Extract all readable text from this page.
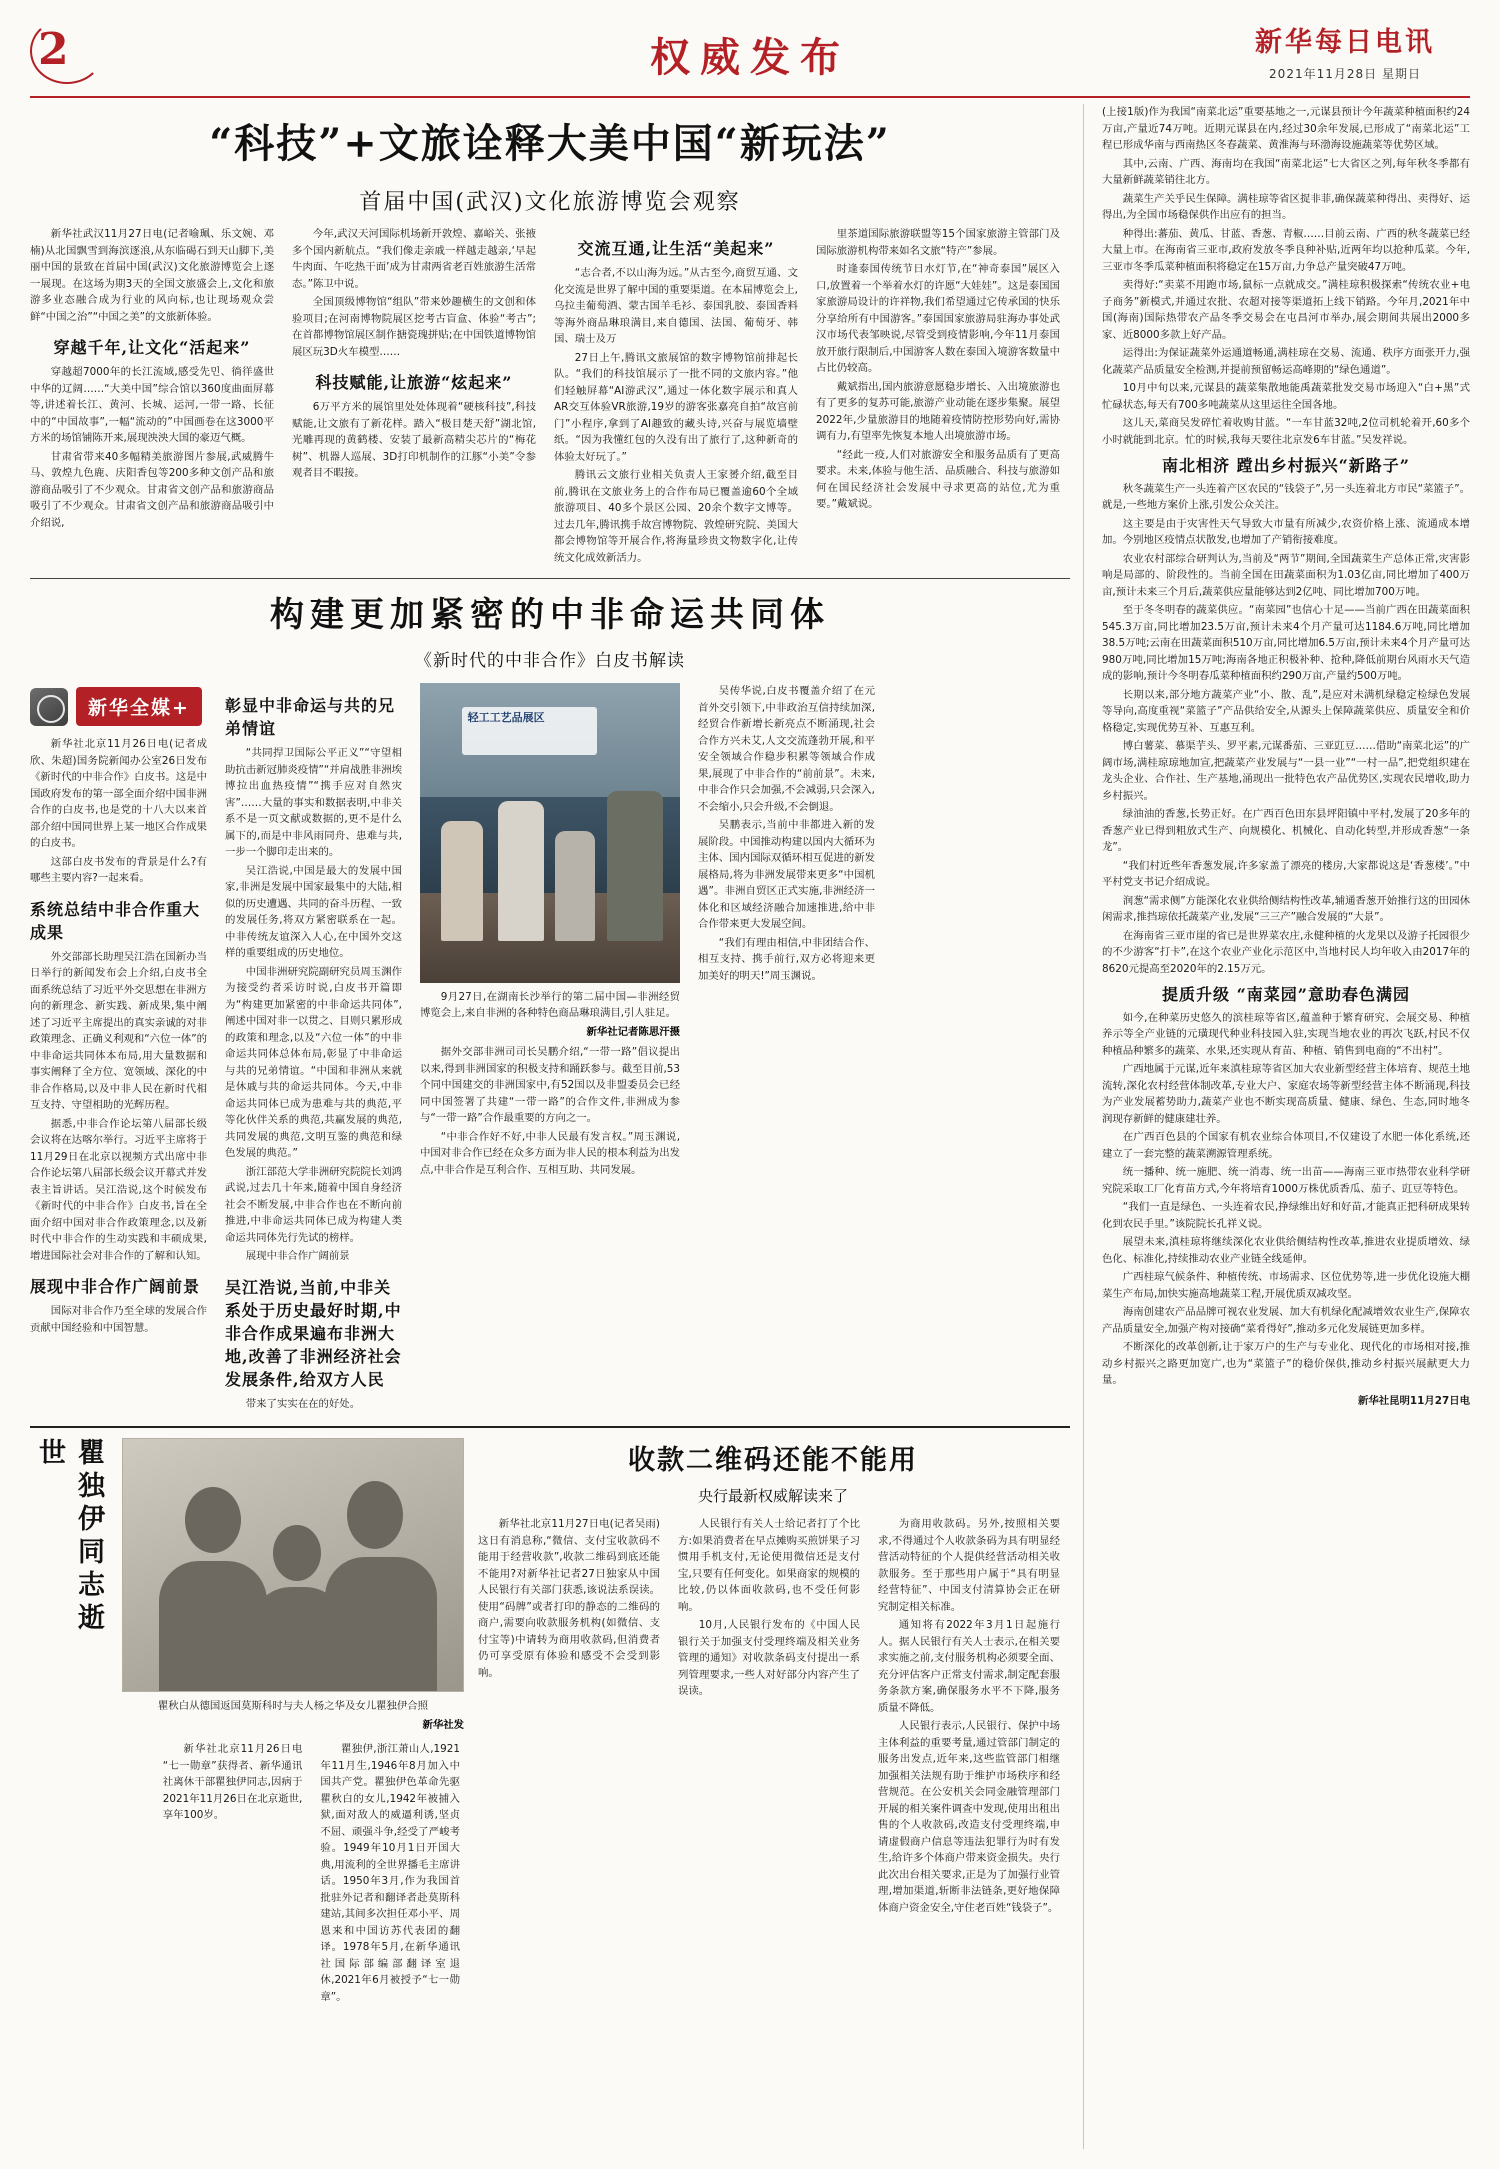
2	权威发布	新华每日电讯
2021年11月28日 星期日
“科技”+文旅诠释大美中国“新玩法”
首届中国(武汉)文化旅游博览会观察

新华社武汉11月27日电(记者喻珮、乐文婉、邓楠)从北国飘雪到海滨逐浪,从东临碣石到天山脚下,美丽中国的景致在首届中国(武汉)文化旅游博览会上逐一展现。在这场为期3天的全国文旅盛会上,文化和旅游多业态融合成为行业的风向标,也让现场观众尝鲜“中国之治”“中国之美”的文旅新体验。

穿越千年,让文化“活起来”

穿越超7000年的长江流域,感受先민、徜徉盛世中华的辽阔……“大美中国”综合馆以360度曲面屏幕等,讲述着长江、黄河、长城、运河,一带一路、长征中的“中国故事”,一幅“流动的”中国画卷在这3000平方米的场馆铺陈开来,展现泱泱大国的豪迈气概。

甘肃省带来40多幅精美旅游图片参展,武威腾牛马、敦煌九色鹿、庆阳香包等200多种文创产品和旅游商品吸引了不少观众。甘肃省文创产品和旅游商品吸引了不少观众。甘肃省文创产品和旅游商品吸引中介绍说,

今年,武汉天河国际机场新开敦煌、嘉峪关、张掖多个国内新航点。“我们像走亲戚一样越走越亲,‘早起牛肉面、午吃热干面’成为甘肃两省老百姓旅游生活常态。”陈卫中说。

全国顶级博物馆“组队”带来妙趣横生的文创和体验项目;在河南博物院展区挖考古盲盒、体验“考古”;在首都博物馆展区制作搪瓷瑰拼贴;在中国铁道博物馆展区玩3D火车模型……

科技赋能,让旅游“炫起来”

6万平方米的展馆里处处体现着“硬核科技”,科技赋能,让文旅有了新花样。踏入“极目楚天舒”湖北馆,光雕再现的黄鹤楼、安装了最新高精尖芯片的“梅花树”、机器人巡展、3D打印机制作的江豚“小美”令参观者目不暇接。

交流互通,让生活“美起来”

“志合者,不以山海为远。”从古至今,商贸互通、文化交流是世界了解中国的重要渠道。在本届博览会上,乌拉圭葡萄酒、蒙古国羊毛衫、泰国乳胶、泰国香料等海外商品琳琅满目,来自德国、法国、葡萄牙、韩国、瑞士及万

27日上午,腾讯文旅展馆的数字博物馆前排起长队。“我们的科技馆展示了一批不同的文旅内容。”他们轻触屏幕“AI游武汉”,通过一体化数字展示和真人AR交互体验VR旅游,19岁的游客张嘉亮自拍“故宫前门”小程序,拿到了AI趣致的藏头诗,兴奋与展览墙壁纸。“因为我懂红包的久没有出了旅行了,这种新奇的体验太好玩了。”

腾讯云文旅行业相关负责人王家赟介绍,截至目前,腾讯在文旅业务上的合作布局已覆盖逾60个全域旅游项目、40多个景区公园、20余个数字文博等。过去几年,腾讯携手故宫博物院、敦煌研究院、美国大都会博物馆等开展合作,将海量珍贵文物数字化,让传统文化成效新活力。

里茶道国际旅游联盟等15个国家旅游主管部门及国际旅游机构带来如名文旅“特产”参展。

时逢泰国传统节日水灯节,在“神奇泰国”展区入口,放置着一个举着水灯的许愿“大娃娃”。这是泰国国家旅游局设计的许祥物,我们希望通过它传承国的快乐分享给所有中国游客。”泰国国家旅游局驻海办事处武汉市场代表邹映说,尽管受到疫情影响,今年11月泰国放开旅行限制后,中国游客人数在泰国入境游客数量中占比仍较高。

戴斌指出,国内旅游意愿稳步增长、入出境旅游也有了更多的复苏可能,旅游产业动能在逐步集聚。展望2022年,少量旅游目的地随着疫情防控形势向好,需协调有力,有望率先恢复本地人出境旅游市场。

“经此一疫,人们对旅游安全和服务品质有了更高要求。未来,体验与他生活、品质融合、科技与旅游如何在国民经济社会发展中寻求更高的站位,尤为重要。”戴斌说。

构建更加紧密的中非命运共同体
《新时代的中非合作》白皮书解读
新华全媒+

新华社北京11月26日电(记者成欣、朱超)国务院新闻办公室26日发布《新时代的中非合作》白皮书。这是中国政府发布的第一部全面介绍中国非洲合作的白皮书,也是党的十八大以来首部介绍中国同世界上某一地区合作成果的白皮书。

这部白皮书发布的背景是什么?有哪些主要内容?一起来看。

系统总结中非合作重大成果

外交部部长助理吴江浩在国新办当日举行的新闻发布会上介绍,白皮书全面系统总结了习近平外交思想在非洲方向的新理念、新实践、新成果,集中阐述了习近平主席提出的真实亲诚的对非政策理念、正确义利观和“六位一体”的中非命运共同体本布局,用大量数据和事实阐释了全方位、宽领域、深化的中非合作格局,以及中非人民在新时代相互支持、守望相助的光辉历程。

据悉,中非合作论坛第八届部长级会议将在达喀尔举行。习近平主席将于11月29日在北京以视频方式出席中非合作论坛第八届部长级会议开幕式并发表主旨讲话。吴江浩说,这个时候发布《新时代的中非合作》白皮书,旨在全面介绍中国对非合作政策理念,以及新时代中非合作的生动实践和丰硕成果,增进国际社会对非合作的了解和认知。

展现中非合作广阔前景

国际对非合作乃至全球的发展合作贡献中国经验和中国智慧。

彰显中非命运与共的兄弟情谊

“共同捍卫国际公平正义”“守望相助抗击新冠肺炎疫情”“并肩战胜非洲埃博拉出血热疫情”“携手应对自然灾害”……大量的事实和数据表明,中非关系不是一页文献或数据的,更不是什么属下的,而是中非风雨同舟、患难与共,一步一个脚印走出来的。

吴江浩说,中国是最大的发展中国家,非洲是发展中国家最集中的大陆,相似的历史遭遇、共同的奋斗历程、一致的发展任务,将双方紧密联系在一起。中非传统友谊深入人心,在中国外交这样的重要组成的历史地位。

中国非洲研究院副研究员周玉渊作为接受约者采访时说,白皮书开篇即为“构建更加紧密的中非命运共同体”,阐述中国对非一以贯之、目则只累形成的政策和理念,以及“六位一体”的中非命运共同体总体布局,彰显了中非命运与共的兄弟情谊。“中国和非洲从来就是休戚与共的命运共同体。今天,中非命运共同体已成为患难与共的典范,平等化伙伴关系的典范,共赢发展的典范,共同发展的典范,文明互鉴的典范和绿色发展的典范。”

浙江部范大学非洲研究院院长刘鸿武说,过去几十年来,随着中国自身经济社会不断发展,中非合作也在不断向前推进,中非命运共同体已成为构建人类命运共同体先行先试的榜样。

展现中非合作广阔前景

吴江浩说,当前,中非关系处于历史最好时期,中非合作成果遍布非洲大地,改善了非洲经济社会发展条件,给双方人民

带来了实实在在的好处。

轻工工艺品展区
9月27日,在湖南长沙举行的第二届中国—非洲经贸博览会上,来自非洲的各种特色商品琳琅满目,引人驻足。
新华社记者陈思汗摄

据外交部非洲司司长吴鹏介绍,“一带一路”倡议提出以来,得到非洲国家的积极支持和踊跃参与。截至目前,53个同中国建交的非洲国家中,有52国以及非盟委员会已经同中国签署了共建“一带一路”的合作文件,非洲成为参与“一带一路”合作最重要的方向之一。

“中非合作好不好,中非人民最有发言权。”周玉渊说,中国对非合作已经在众多方面为非人民的根本利益为出发点,中非合作是互利合作、互相互助、共同发展。

吴传华说,白皮书覆盖介绍了在元首外交引领下,中非政治互信持续加深,经贸合作新增长新亮点不断涌现,社会合作方兴未艾,人文交流蓬勃开展,和平安全领域合作稳步积累等领域合作成果,展现了中非合作的“前前景”。未来,中非合作只会加强,不会减弱,只会深入,不会缩小,只会升级,不会倒退。

吴鹏表示,当前中非都进入新的发展阶段。中国推动构建以国内大循环为主体、国内国际双循环相互促进的新发展格局,将为非洲发展带来更多“中国机遇”。非洲自贸区正式实施,非洲经济一体化和区域经济融合加速推进,给中非合作带来更大发展空间。

“我们有理由相信,中非团结合作、相互支持、携手前行,双方必将迎来更加美好的明天!”周玉渊说。

瞿独伊同志逝世
瞿秋白从德国返国莫斯科时与夫人杨之华及女儿瞿独伊合照
新华社发

新华社北京11月26日电 “七一勋章”获得者、新华通讯社离休干部瞿独伊同志,因病于2021年11月26日在北京逝世,享年100岁。

瞿独伊,浙江萧山人,1921年11月生,1946年8月加入中国共产党。瞿独伊色革命先驱瞿秋白的女儿,1942年被捕入狱,面对敌人的威逼利诱,坚贞不屈、顽强斗争,经受了严峻考验。1949年10月1日开国大典,用流利的全世界播毛主席讲话。1950年3月,作为我国首批驻外记者和翻译者赴莫斯科建站,其间多次担任邓小平、周恩来和中国访苏代表团的翻译。1978年5月,在新华通讯社国际部编部翻译室退休,2021年6月被授予“七一勋章”。

收款二维码还能不能用
央行最新权威解读来了

新华社北京11月27日电(记者吴雨)这日有消息称,“微信、支付宝收款码不能用于经营收款”,收款二维码到底还能不能用?对新华社记者27日独家从中国人民银行有关部门获悉,该说法系误读。使用“码牌”或者打印的静态的二维码的商户,需要向收款服务机构(如微信、支付宝等)中请转为商用收款码,但消费者仍可享受原有体验和感受不会受到影响。

人民银行有关人士给记者打了个比方:如果消费者在早点摊购买煎饼果子习惯用手机支付,无论使用微信还是支付宝,只要有任何变化。如果商家的规模的比较,仍以体面收款码,也不受任何影响。

10月,人民银行发布的《中国人民银行关于加强支付受理终端及相关业务管理的通知》对收款条码支付提出一系列管理要求,一些人对好部分内容产生了误读。

为商用收款码。另外,按照相关要求,不得通过个人收款条码为具有明显经营活动特征的个人提供经营活动相关收款服务。至于那些用户属于“具有明显经营特征”、中国支付清算协会正在研究制定相关标准。

通知将有2022年3月1日起施行人。据人民银行有关人士表示,在相关要求实施之前,支付服务机构必须要全面、充分评估客户正常支付需求,制定配套服务条款方案,确保服务水平不下降,服务质量不降低。

人民银行表示,人民银行、保护中场主体利益的重要考量,通过管部门制定的服务出发点,近年来,这些监管部门相继加强相关法规有助于维护市场秩序和经营规范。在公安机关会同金融管理部门开展的相关案件调查中发现,使用出租出售的个人收款码,改造支付受理终端,申请虚假商户信息等违法犯罪行为时有发生,给许多个体商户带来资金损失。央行此次出台相关要求,正是为了加强行业管理,增加渠道,斩断非法链条,更好地保障体商户资金安全,守住老百姓“钱袋子”。

(上接1版)作为我国“南菜北运”重要基地之一,元谋县预计今年蔬菜种植面积约24万亩,产量近74万吨。近期元谋县在内,经过30余年发展,已形成了“南菜北运”工程已形成华南与西南热区冬春蔬菜、黄淮海与环渤海设施蔬菜等优势区域。

其中,云南、广西、海南均在我国“南菜北运”七大省区之列,每年秋冬季都有大量新鲜蔬菜销往北方。

蔬菜生产关乎民生保障。满桂琼等省区捉非菲,确保蔬菜种得出、卖得好、运得出,为全国市场稳保供作出应有的担当。

种得出:蕃茄、黄瓜、甘蓝、香葱、青椒……目前云南、广西的秋冬蔬菜已经大量上市。在海南省三亚市,政府发放冬季良种补贴,近两年均以抢种瓜菜。今年,三亚市冬季瓜菜种植面积将稳定在15万亩,力争总产量突破47万吨。

卖得好:“卖菜不用跑市场,鼠标一点就成交。”满桂琼积极探索“传统农业+电子商务”新模式,并通过农批、农超对接等渠道拓上线下销路。今年月,2021年中国(海南)国际热带农产品冬季交易会在屯昌河市举办,展会期间共展出2000多家、近8000多款上好产品。

运得出:为保证蔬菜外运通道畅通,满桂琼在交易、流通、秩序方面张开力,强化蔬菜产品质量安全检测,并提前预留畅运高峰期的“绿色通道”。

10月中旬以来,元谋县的蔬菜集散地能禹蔬菜批发交易市场迎入“白+黑”式忙碌状态,每天有700多吨蔬菜从这里运往全国各地。

这儿天,菜商吴发碎忙着收购甘蓝。“一车甘蓝32吨,2位司机轮着开,60多个小时就能到北京。忙的时候,我每天要往北京发6车甘蓝。”吴发祥说。

南北相济 蹚出乡村振兴“新路子”

秋冬蔬菜生产一头连着产区农民的“钱袋子”,另一头连着北方市民“菜篮子”。就是,一些地方案价上涨,引发公众关注。

这主要是由于灾害性天气导致大市量有所减少,农资价格上涨、流通成本增加。今别地区疫情点状散发,也增加了产销衔接难度。

农业农村部综合研判认为,当前及“两节”期间,全国蔬菜生产总体正常,灾害影响是局部的、阶段性的。当前全国在田蔬菜面积为1.03亿亩,同比增加了400万亩,预计未来三个月后,蔬菜供应量能够达到2亿吨、同比增加700万吨。

至于冬冬明春的蔬菜供应。“南菜园”也信心十足——当前广西在田蔬菜面积545.3万亩,同比增加23.5万亩,预计未来4个月产量可达1184.6万吨,同比增加38.5万吨;云南在田蔬菜面积510万亩,同比增加6.5万亩,预计未来4个月产量可达980万吨,同比增加15万吨;海南各地正积极补种、抢种,降低前期台风雨水天气造成的影响,预计今冬明春瓜菜种植面积约290万亩,产量约500万吨。

长期以来,部分地方蔬菜产业“小、散、乱”,是应对未满机绿稳定检绿色发展等导向,高度重视“菜篮子”产品供给安全,从源头上保障蔬菜供应、质量安全和价格稳定,实现优势互补、互惠互利。

博白薯菜、慕渠芋头、罗平素,元谋番茄、三亚豇豆……借助“南菜北运”的广阔市场,满桂琼琼地加宣,把蔬菜产业发展与“一县一业”“一村一品”,把党组织建在龙头企业、合作社、生产基地,涌现出一批特色农产品优势区,实现农民增收,助力乡村振兴。

绿油油的香葱,长势正好。在广西百色田东县坪阳镇中平村,发展了20多年的香葱产业已得到粗放式生产、向规模化、机械化、自动化转型,并形成香葱“一条龙”。

“我们村近些年香葱发展,许多家盖了漂亮的楼房,大家都说这是‘香葱楼’。”中平村党支书记介绍成说。

润葱“需求侧”方能深化农业供给侧结构性改革,辅通香葱开始推行这的田园休闲需求,推挡琼依托蔬菜产业,发展“三三产”融合发展的“大景”。

在海南省三亚市崖的省已是世界菜农庄,永健种植的火龙果以及游子托园很少的不少游客“打卡”,在这个农业产业化示范区中,当地村民人均年收入由2017年的8620元提高至2020年的2.15万元。

提质升级 “南菜园”意助春色满园

如今,在种菜历史悠久的滨桂琼等省区,蕴盖种于繁育研究、会展交易、种植养示等全产业链的元璜现代种业科技园入驻,实现当地农业的再次飞跃,村民不仅种植品种繁多的蔬菜、水果,还实现从育苗、种植、销售到电商的“不出村”。

广西地属于元谋,近年来滇桂琼等省区加大农业新型经营主体培育、规范土地流转,深化农村经营体制改革,专业大户、家庭农场等新型经营主体不断涌现,科技为产业发展蓄势助力,蔬菜产业也不断实现高质量、健康、绿色、生态,同时地冬润现存新鲜的健康建壮养。

在广西百色县的个国家有机农业综合体项目,不仅建设了水肥一体化系统,还建立了一套完整的蔬菜溯源管理系统。

统一播种、统一施肥、统一消毒、统一出苗——海南三亚市热带农业科学研究院采取工厂化育苗方式,今年将培育1000万株优质香瓜、茄子、豇豆等特色。

“我们一直是绿色、一头连着农民,挣绿维出好和好苗,才能真正把科研成果转化到农民手里。”该院院长孔祥义说。

展望未来,滇桂琼将继续深化农业供给侧结构性改革,推进农业提质增效、绿色化、标准化,持续推动农业产业链全线延伸。

广西桂琼气候条件、种植传统、市场需求、区位优势等,进一步优化设施大棚菜生产布局,加快实施高地蔬菜工程,开展优质双减攻坚。

海南创建农产品品牌可视农业发展、加大有机绿化配减增效农业生产,保障农产品质量安全,加强产构对接确“菜肴得好”,推动多元化发展链更加多样。

不断深化的改革创新,让于家万户的生产与专业化、现代化的市场相对接,推动乡村振兴之路更加宽广,也为“菜篮子”的稳价保供,推动乡村振兴展献更大力量。

新华社昆明11月27日电
